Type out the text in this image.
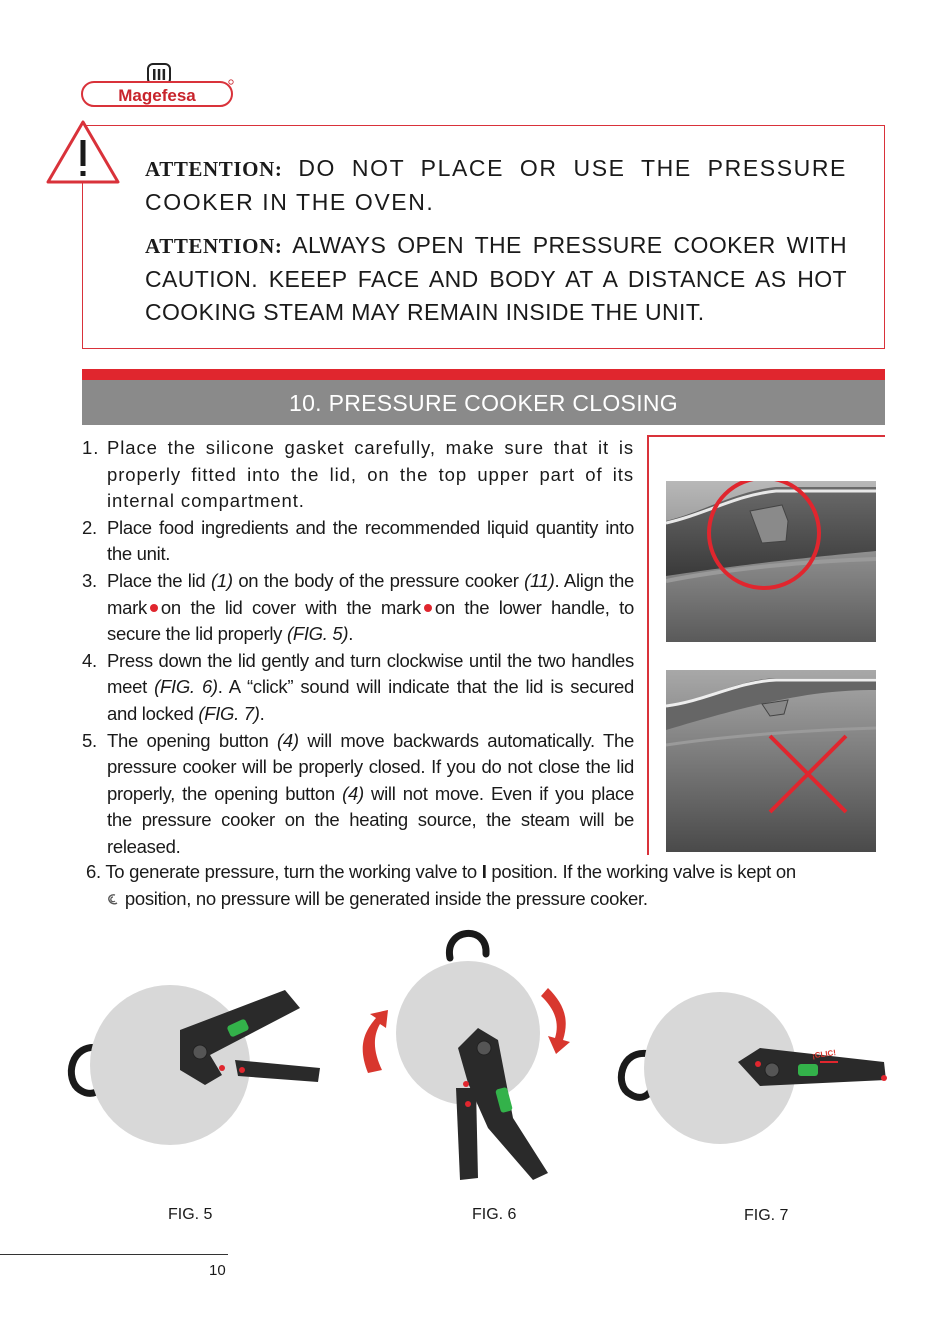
Magefesa

ATTENTION: DO NOT PLACE OR USE THE PRESSURE COOKER IN THE OVEN.

ATTENTION: ALWAYS OPEN THE PRESSURE COOKER WITH CAUTION. KEEEP FACE AND BODY AT A DISTANCE AS HOT COOKING STEAM MAY REMAIN INSIDE THE UNIT.

10. PRESSURE COOKER CLOSING
1. Place the silicone gasket carefully, make sure that it is properly fitted into the lid, on the top upper part of its internal compartment.
2. Place food ingredients and the recommended liquid quantity into the unit.
3. Place the lid (1) on the body of the pressure cooker (11). Align the mark on the lid cover with the mark on the lower handle, to secure the lid properly (FIG. 5).
4. Press down the lid gently and turn clockwise until the two handles meet (FIG. 6). A “click” sound will indicate that the lid is secured and locked (FIG. 7).
5. The opening button (4) will move backwards automatically. The pressure cooker will be properly closed. If you do not close the lid properly, the opening button (4) will not move. Even if you place the pressure cooker on the heating source, the steam will be released.
6. To generate pressure, turn the working valve to I position. If the working valve is kept on
position, no pressure will be generated inside the pressure cooker.
FIG. 5	FIG. 6
¡CLIC!
FIG. 7
10
